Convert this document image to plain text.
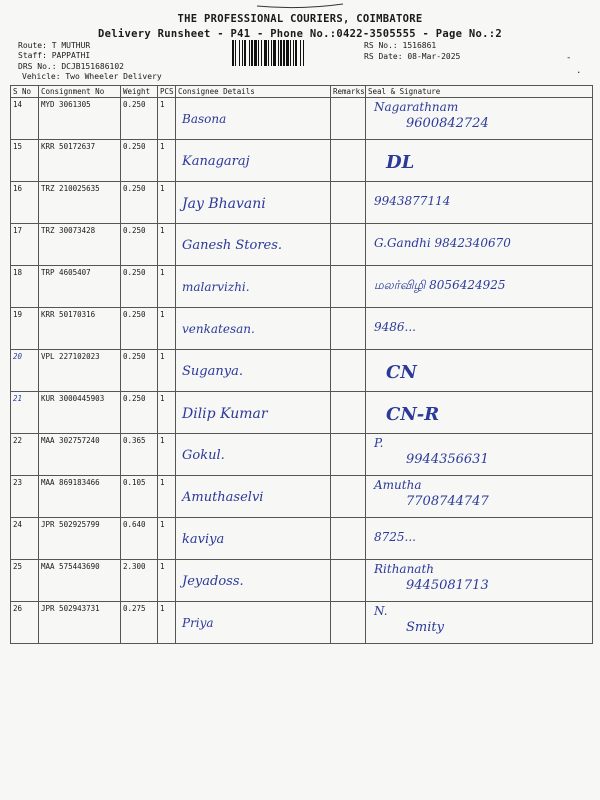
THE PROFESSIONAL COURIERS, COIMBATORE
Delivery Runsheet - P41 - Phone No.:0422-3505555 - Page No.:2
Route: T MUTHUR
Staff: PAPPATHI
DRS No.: DCJB151686102
Vehicle: Two Wheeler Delivery
RS No.: 1516861
RS Date: 08-Mar-2025	-
.
S No	Consignment No	Weight	PCS	Consignee Details	Remarks	Seal & Signature
14	MYD 3061305	0.250	1	Basona		Nagarathnam
9600842724

15	KRR 50172637	0.250	1	Kanagaraj		DL

16	TRZ 210025635	0.250	1	Jay Bhavani		9943877114

17	TRZ 30073428	0.250	1	Ganesh Stores.		G.Gandhi 9842340670

18	TRP 4605407	0.250	1	malarvizhi.		மலர்விழி 8056424925

19	KRR 50170316	0.250	1	venkatesan.		9486...

20	VPL 227102023	0.250	1	Suganya.		CN

21	KUR 3000445903	0.250	1	Dilip Kumar		CN-R

22	MAA 302757240	0.365	1	Gokul.		P.
9944356631

23	MAA 869183466	0.105	1	Amuthaselvi		Amutha
7708744747

24	JPR 502925799	0.640	1	kaviya		8725...

25	MAA 575443690	2.300	1	Jeyadoss.		Rithanath
9445081713

26	JPR 502943731	0.275	1	Priya		N.
Smity
